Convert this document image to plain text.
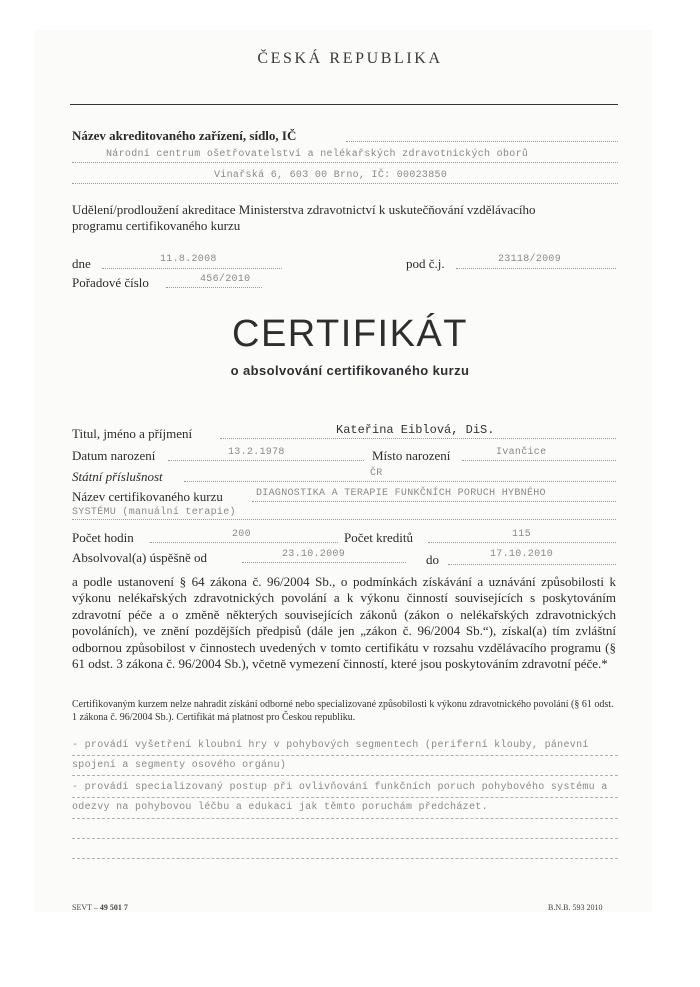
ČESKÁ REPUBLIKA
Název akreditovaného zařízení, sídlo, IČ
Národní centrum ošetřovatelství a nelékařských zdravotnických oborů
Vinařská 6, 603 00 Brno, IČ: 00023850
Udělení/prodloužení akreditace Ministerstva zdravotnictví k uskutečňování vzdělávacího
programu certifikovaného kurzu
dne	11.8.2008	pod č.j.	23118/2009
Pořadové číslo	456/2010
CERTIFIKÁT
o absolvování certifikovaného kurzu
Titul, jméno a příjmení	Kateřina Eiblová, DiS.
Datum narození	13.2.1978	Místo narození	Ivančice
Státní příslušnost	ČR
Název certifikovaného kurzu	DIAGNOSTIKA A TERAPIE FUNKČNÍCH PORUCH HYBNÉHO
SYSTÉMU (manuální terapie)
Počet hodin	200	Počet kreditů	115
Absolvoval(a) úspěšně od	23.10.2009	do	17.10.2010
a podle ustanovení § 64 zákona č. 96/2004 Sb., o podmínkách získávání a uznávání způsobilosti k výkonu nelékařských zdravotnických povolání a k výkonu činností souvisejících s poskytováním zdravotní péče a o změně některých souvisejících zákonů (zákon o nelékařských zdravotnických povoláních), ve znění pozdějších předpisů (dále jen „zákon č. 96/2004 Sb.“), získal(a) tím zvláštní odbornou způsobilost v činnostech uvedených v tomto certifikátu v rozsahu vzdělávacího programu (§ 61 odst. 3 zákona č. 96/2004 Sb.), včetně vymezení činností, které jsou poskytováním zdravotní péče.*
Certifikovaným kurzem nelze nahradit získání odborné nebo specializované způsobilosti k výkonu zdravotnického povolání (§ 61 odst. 1 zákona č. 96/2004 Sb.). Certifikát má platnost pro Českou republiku.
- provádí vyšetření kloubní hry v pohybových segmentech (periferní klouby, pánevní
spojení a segmenty osového orgánu)
- provádí specializovaný postup při ovlivňování funkčních poruch pohybového systému a
odezvy na pohybovou léčbu a edukaci jak těmto poruchám předcházet.
SEVT – 49 501 7	B.N.B. 593 2010
